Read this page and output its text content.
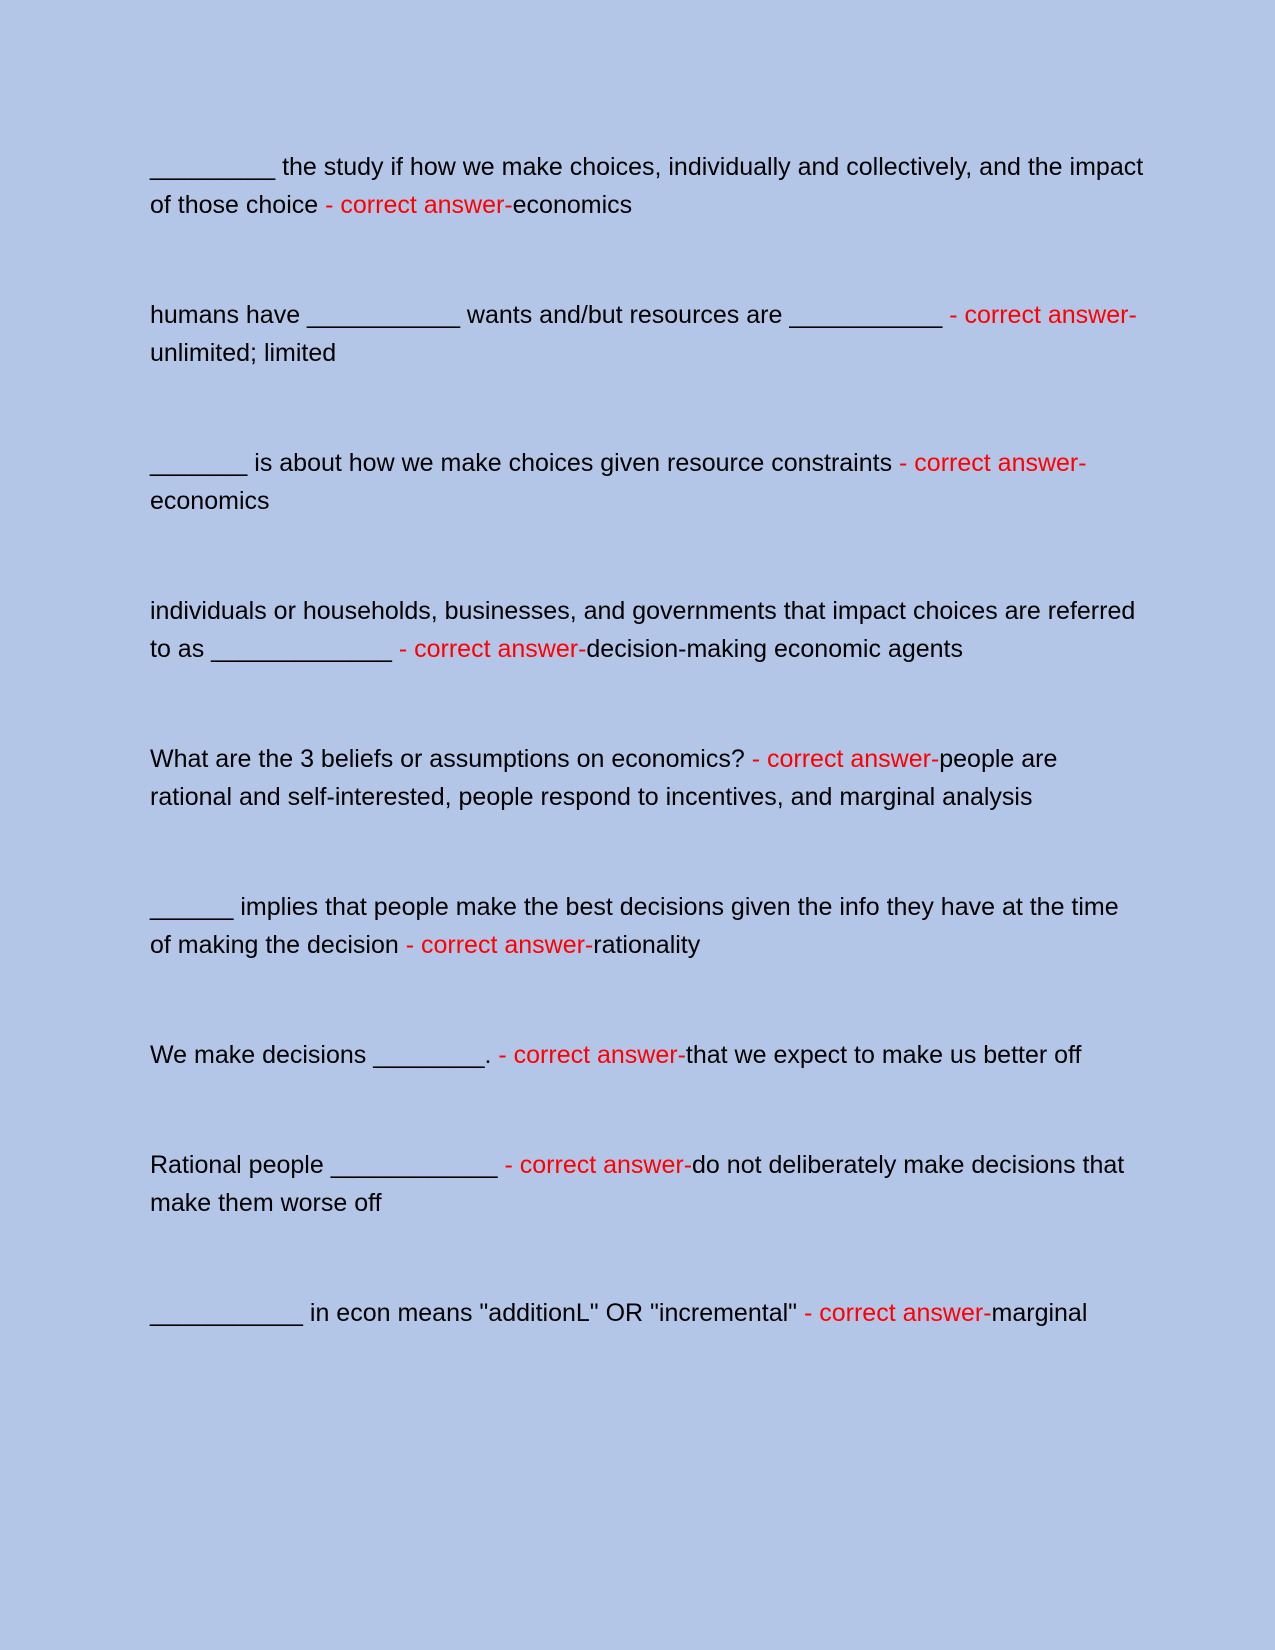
_________ the study if how we make choices, individually and collectively, and the impact of those choice - correct answer-economics

humans have ___________ wants and/but resources are ___________ - correct answer-unlimited; limited

_______ is about how we make choices given resource constraints - correct answer-economics

individuals or households, businesses, and governments that impact choices are referred to as _____________ - correct answer-decision-making economic agents

What are the 3 beliefs or assumptions on economics? - correct answer-people are rational and self-interested, people respond to incentives, and marginal analysis

______ implies that people make the best decisions given the info they have at the time of making the decision - correct answer-rationality

We make decisions ________. - correct answer-that we expect to make us better off

Rational people ____________ - correct answer-do not deliberately make decisions that make them worse off

___________ in econ means "additionL" OR "incremental" - correct answer-marginal
